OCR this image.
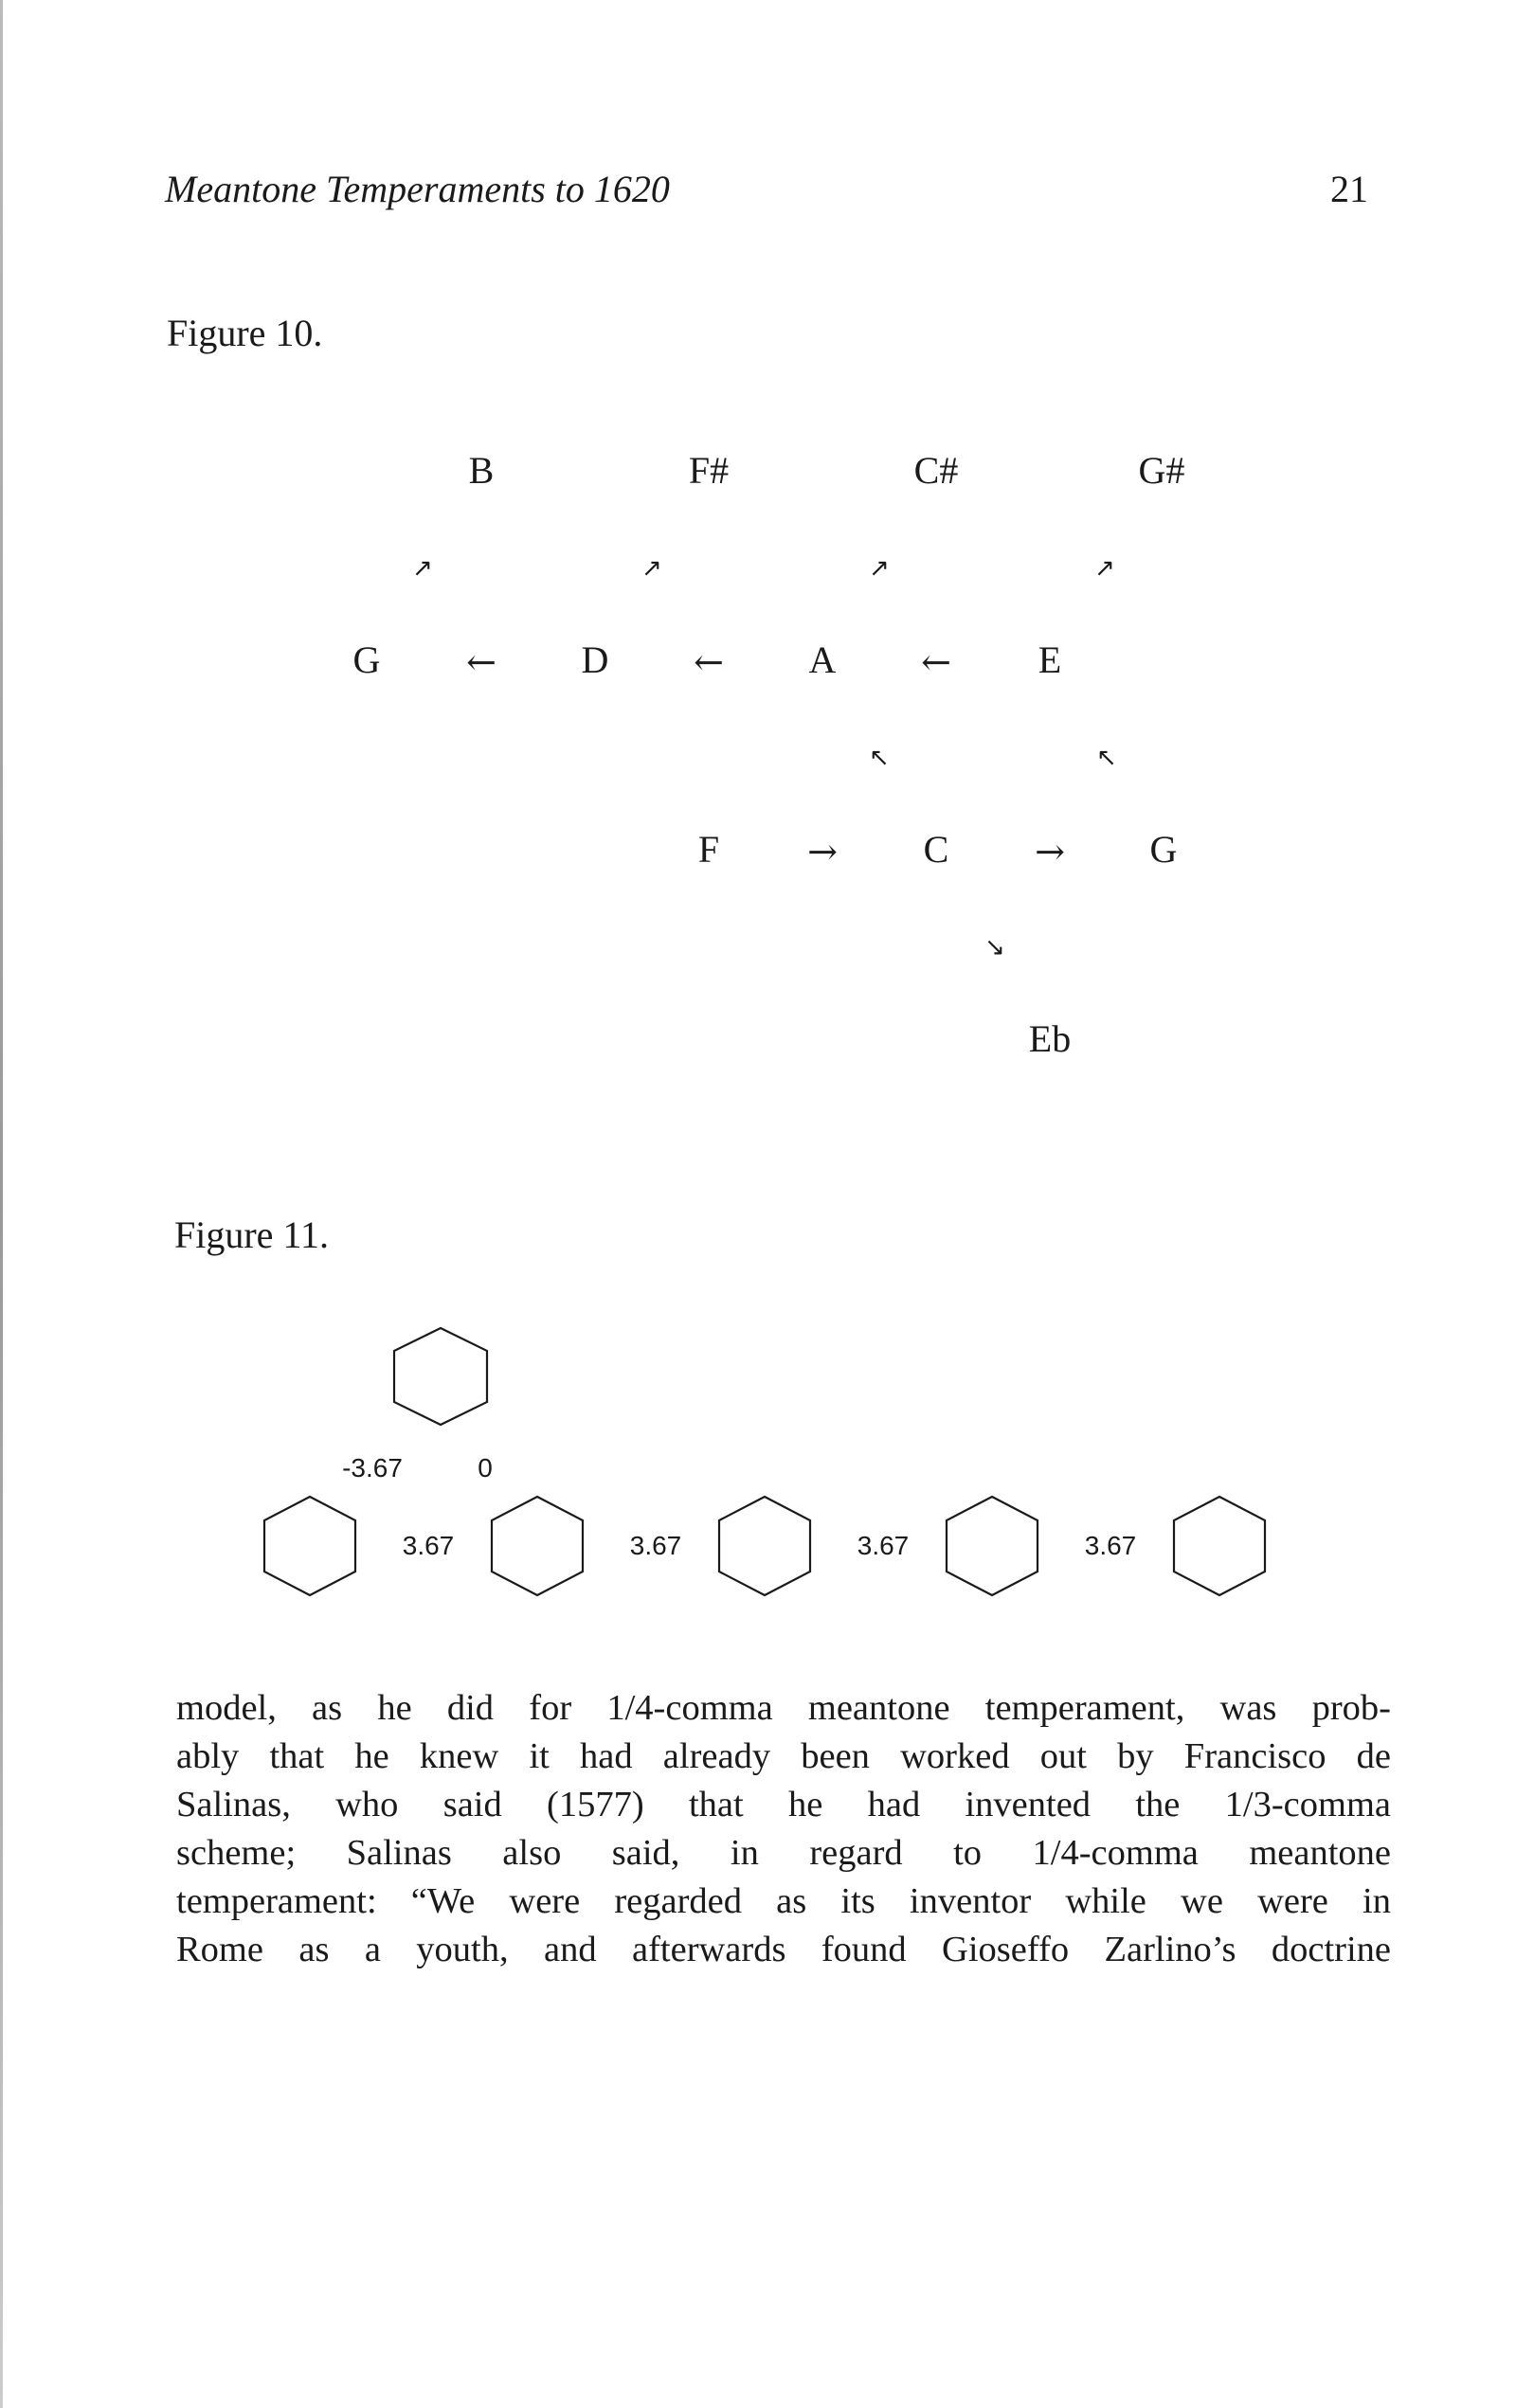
Meantone Temperaments to 1620	21
Figure 10.
B	F#	C#	G#
↗	↗	↗	↗
G ← D ← A ← E
↖	↖
F → C → G
↘
Eb
Figure 11.
-3.67	0
3.67	3.67	3.67	3.67
model, as he did for 1/4-comma meantone temperament, was prob-
ably that he knew it had already been worked out by Francisco de
Salinas, who said (1577) that he had invented the 1/3-comma
scheme; Salinas also said, in regard to 1/4-comma meantone
temperament: “We were regarded as its inventor while we were in
Rome as a youth, and afterwards found Gioseffo Zarlino’s doctrine
